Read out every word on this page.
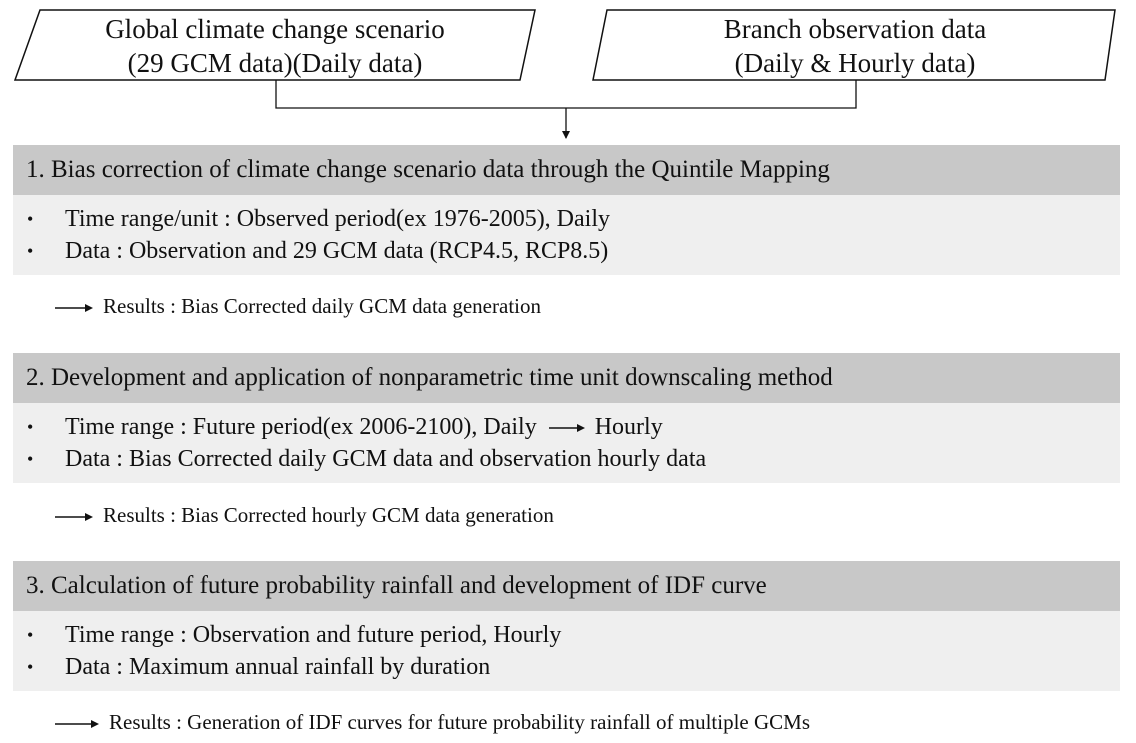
Global climate change scenario
(29 GCM data)(Daily data)
Branch observation data
(Daily & Hourly data)
1. Bias correction of climate change scenario data through the Quintile Mapping
• Time range/unit : Observed period(ex 1976-2005), Daily
• Data : Observation and 29 GCM data (RCP4.5, RCP8.5)
Results : Bias Corrected daily GCM data generation
2. Development and application of nonparametric time unit downscaling method
• Time range : Future period(ex 2006-2100), Daily Hourly
• Data : Bias Corrected daily GCM data and observation hourly data
Results : Bias Corrected hourly GCM data generation
3. Calculation of future probability rainfall and development of IDF curve
• Time range : Observation and future period, Hourly
• Data : Maximum annual rainfall by duration
Results : Generation of IDF curves for future probability rainfall of multiple GCMs
